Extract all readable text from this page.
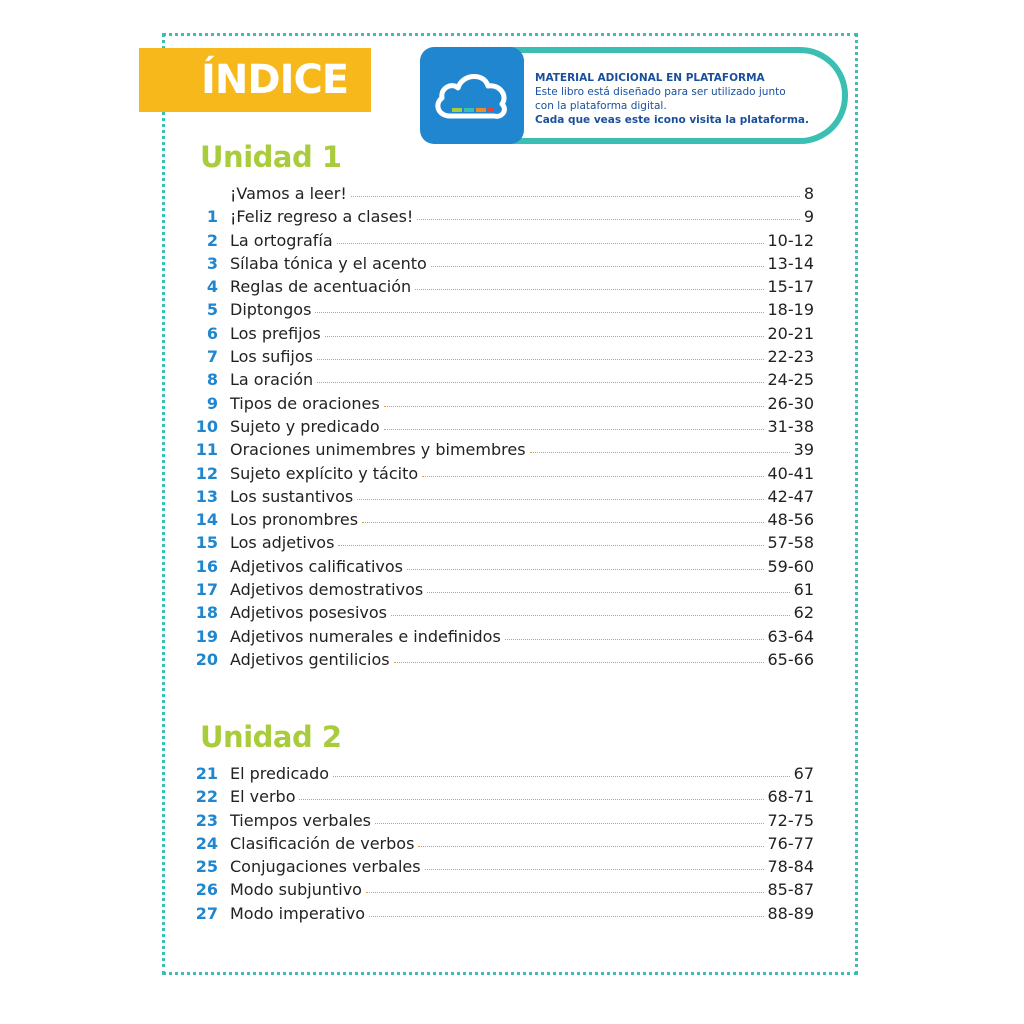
ÍNDICE	MATERIAL ADICIONAL EN PLATAFORMA
Este libro está diseñado para ser utilizado junto
con la plataforma digital.
Cada que veas este icono visita la plataforma.
Unidad 1
¡Vamos a leer!	8
1 ¡Feliz regreso a clases!	9
2 La ortografía	10-12
3 Sílaba tónica y el acento	13-14
4 Reglas de acentuación	15-17
5 Diptongos	18-19
6 Los prefijos	20-21
7 Los sufijos	22-23
8 La oración	24-25
9 Tipos de oraciones	26-30
10 Sujeto y predicado	31-38
11 Oraciones unimembres y bimembres	39
12 Sujeto explícito y tácito	40-41
13 Los sustantivos	42-47
14 Los pronombres	48-56
15 Los adjetivos	57-58
16 Adjetivos calificativos	59-60
17 Adjetivos demostrativos	61
18 Adjetivos posesivos	62
19 Adjetivos numerales e indefinidos	63-64
20 Adjetivos gentilicios	65-66
Unidad 2
21 El predicado	67
22 El verbo	68-71
23 Tiempos verbales	72-75
24 Clasificación de verbos	76-77
25 Conjugaciones verbales	78-84
26 Modo subjuntivo	85-87
27 Modo imperativo	88-89
